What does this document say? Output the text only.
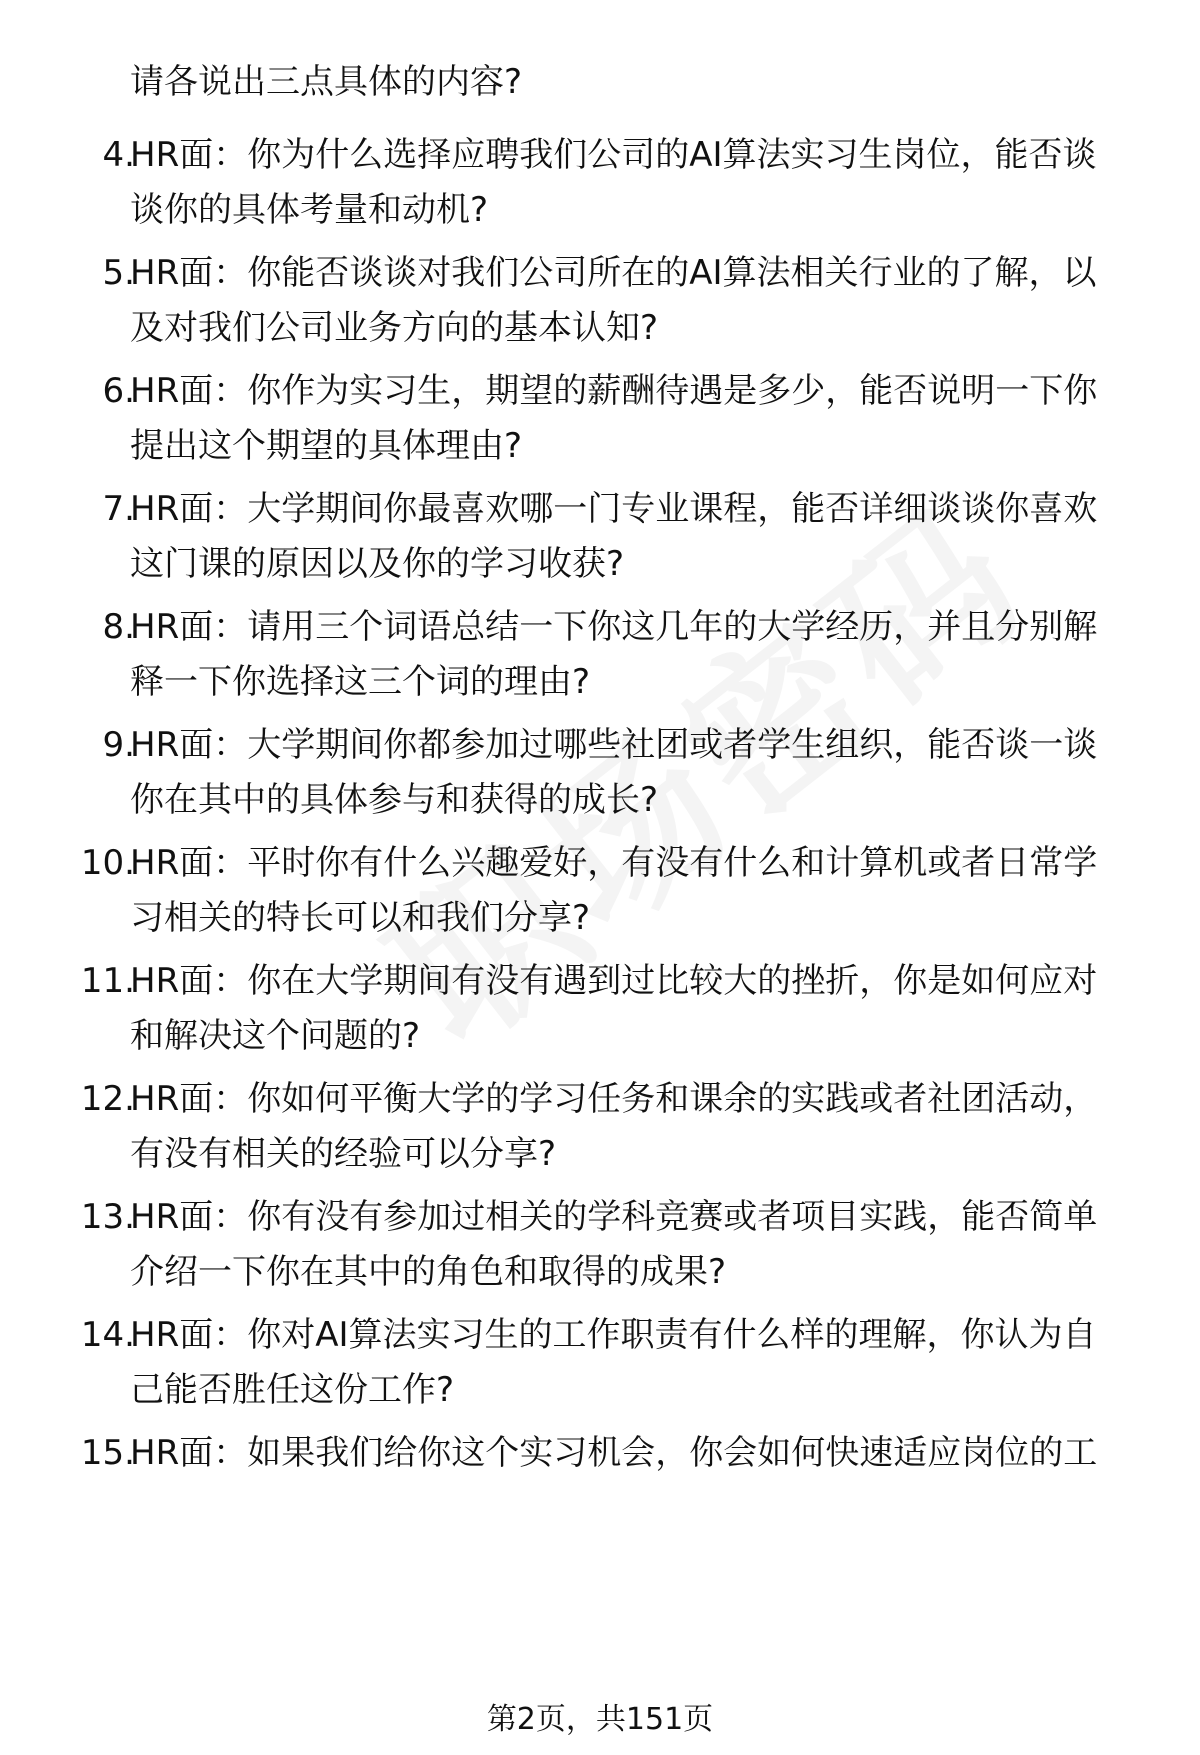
请各说出三点具体的内容?
4.
HR面：你为什么选择应聘我们公司的AI算法实习生岗位，能否谈
谈你的具体考量和动机?
5.
HR面：你能否谈谈对我们公司所在的AI算法相关行业的了解，以
及对我们公司业务方向的基本认知?
6.
HR面：你作为实习生，期望的薪酬待遇是多少，能否说明一下你
提出这个期望的具体理由?
7.
HR面：大学期间你最喜欢哪一门专业课程，能否详细谈谈你喜欢
这门课的原因以及你的学习收获?
8.
HR面：请用三个词语总结一下你这几年的大学经历，并且分别解
释一下你选择这三个词的理由?
9.
HR面：大学期间你都参加过哪些社团或者学生组织，能否谈一谈
你在其中的具体参与和获得的成长?
10.
HR面：平时你有什么兴趣爱好，有没有什么和计算机或者日常学
习相关的特长可以和我们分享?
11.
HR面：你在大学期间有没有遇到过比较大的挫折，你是如何应对
和解决这个问题的?
12.
HR面：你如何平衡大学的学习任务和课余的实践或者社团活动，
有没有相关的经验可以分享?
13.
HR面：你有没有参加过相关的学科竞赛或者项目实践，能否简单
介绍一下你在其中的角色和取得的成果?
14.
HR面：你对AI算法实习生的工作职责有什么样的理解，你认为自
己能否胜任这份工作?
15.
HR面：如果我们给你这个实习机会，你会如何快速适应岗位的工
第2页，共151页
